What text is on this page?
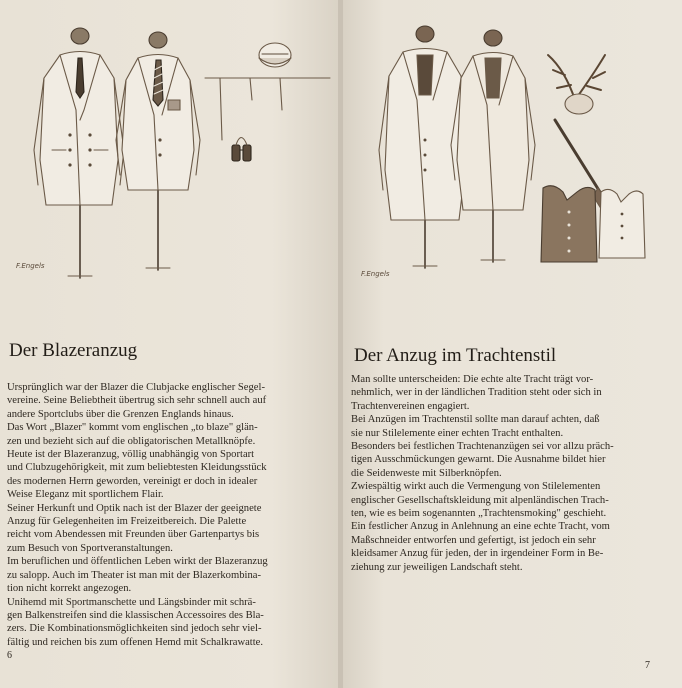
F.Engels

Der Blazeranzug
Ursprünglich war der Blazer die Clubjacke englischer Segel-
vereine. Seine Beliebtheit übertrug sich sehr schnell auch auf
andere Sportclubs über die Grenzen Englands hinaus.
Das Wort „Blazer" kommt vom englischen „to blaze" glän-
zen und bezieht sich auf die obligatorischen Metallknöpfe.
Heute ist der Blazeranzug, völlig unabhängig von Sportart
und Clubzugehörigkeit, mit zum beliebtesten Kleidungsstück
des modernen Herrn geworden, vereinigt er doch in idealer
Weise Eleganz mit sportlichem Flair.
Seiner Herkunft und Optik nach ist der Blazer der geeignete
Anzug für Gelegenheiten im Freizeitbereich. Die Palette
reicht vom Abendessen mit Freunden über Gartenpartys bis
zum Besuch von Sportveranstaltungen.
Im beruflichen und öffentlichen Leben wirkt der Blazeranzug
zu salopp. Auch im Theater ist man mit der Blazerkombina-
tion nicht korrekt angezogen.
Unihemd mit Sportmanschette und Längsbinder mit schrä-
gen Balkenstreifen sind die klassischen Accessoires des Bla-
zers. Die Kombinationsmöglichkeiten sind jedoch sehr viel-
fältig und reichen bis zum offenen Hemd mit Schalkrawatte.

6

F.Engels

Der Anzug im Trachtenstil
Man sollte unterscheiden: Die echte alte Tracht trägt vor-
nehmlich, wer in der ländlichen Tradition steht oder sich in
Trachtenvereinen engagiert.
Bei Anzügen im Trachtenstil sollte man darauf achten, daß
sie nur Stilelemente einer echten Tracht enthalten.
Besonders bei festlichen Trachtenanzügen sei vor allzu präch-
tigen Ausschmückungen gewarnt. Die Ausnahme bildet hier
die Seidenweste mit Silberknöpfen.
Zwiespältig wirkt auch die Vermengung von Stilelementen
englischer Gesellschaftskleidung mit alpenländischen Trach-
ten, wie es beim sogenannten „Trachtensmoking" geschieht.
Ein festlicher Anzug in Anlehnung an eine echte Tracht, vom
Maßschneider entworfen und gefertigt, ist jedoch ein sehr
kleidsamer Anzug für jeden, der in irgendeiner Form in Be-
ziehung zur jeweiligen Landschaft steht.

7
